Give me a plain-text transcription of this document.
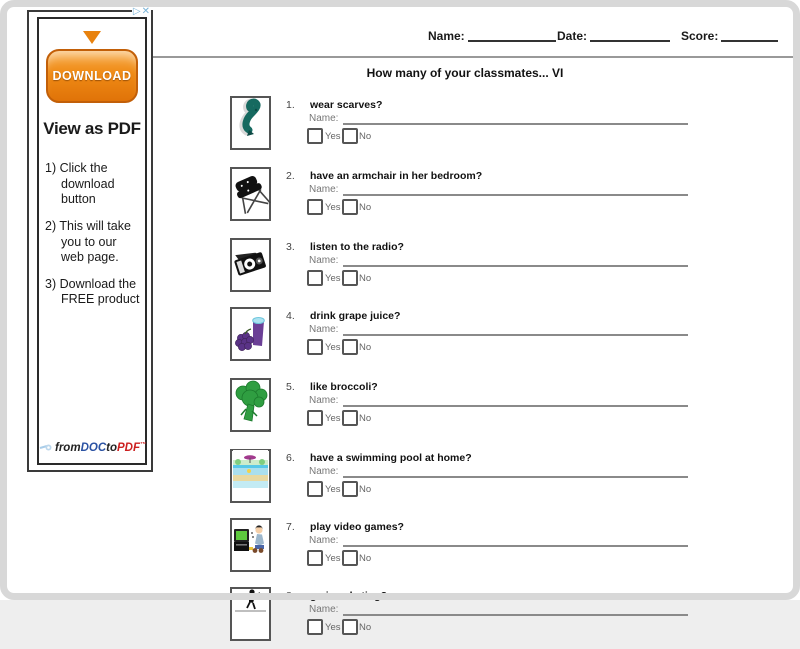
▷ ✕
DOWNLOAD
View as PDF
1) Click the download button
2) This will take you to our web page.
3) Download the FREE product
fromDOCtoPDF™
Name:	Date:	Score:
How many of your classmates... VI
1. wear scarves?
Name:
Yes No
2. have an armchair in her bedroom?
Name:
Yes No
3. listen to the radio?
Name:
Yes No
4. drink grape juice?
Name:
Yes No
5. like broccoli?
Name:
Yes No
6. have a swimming pool at home?
Name:
Yes No
7. play video games?
Name:
Yes No
8. go ice-skating?
Name:
Yes No
